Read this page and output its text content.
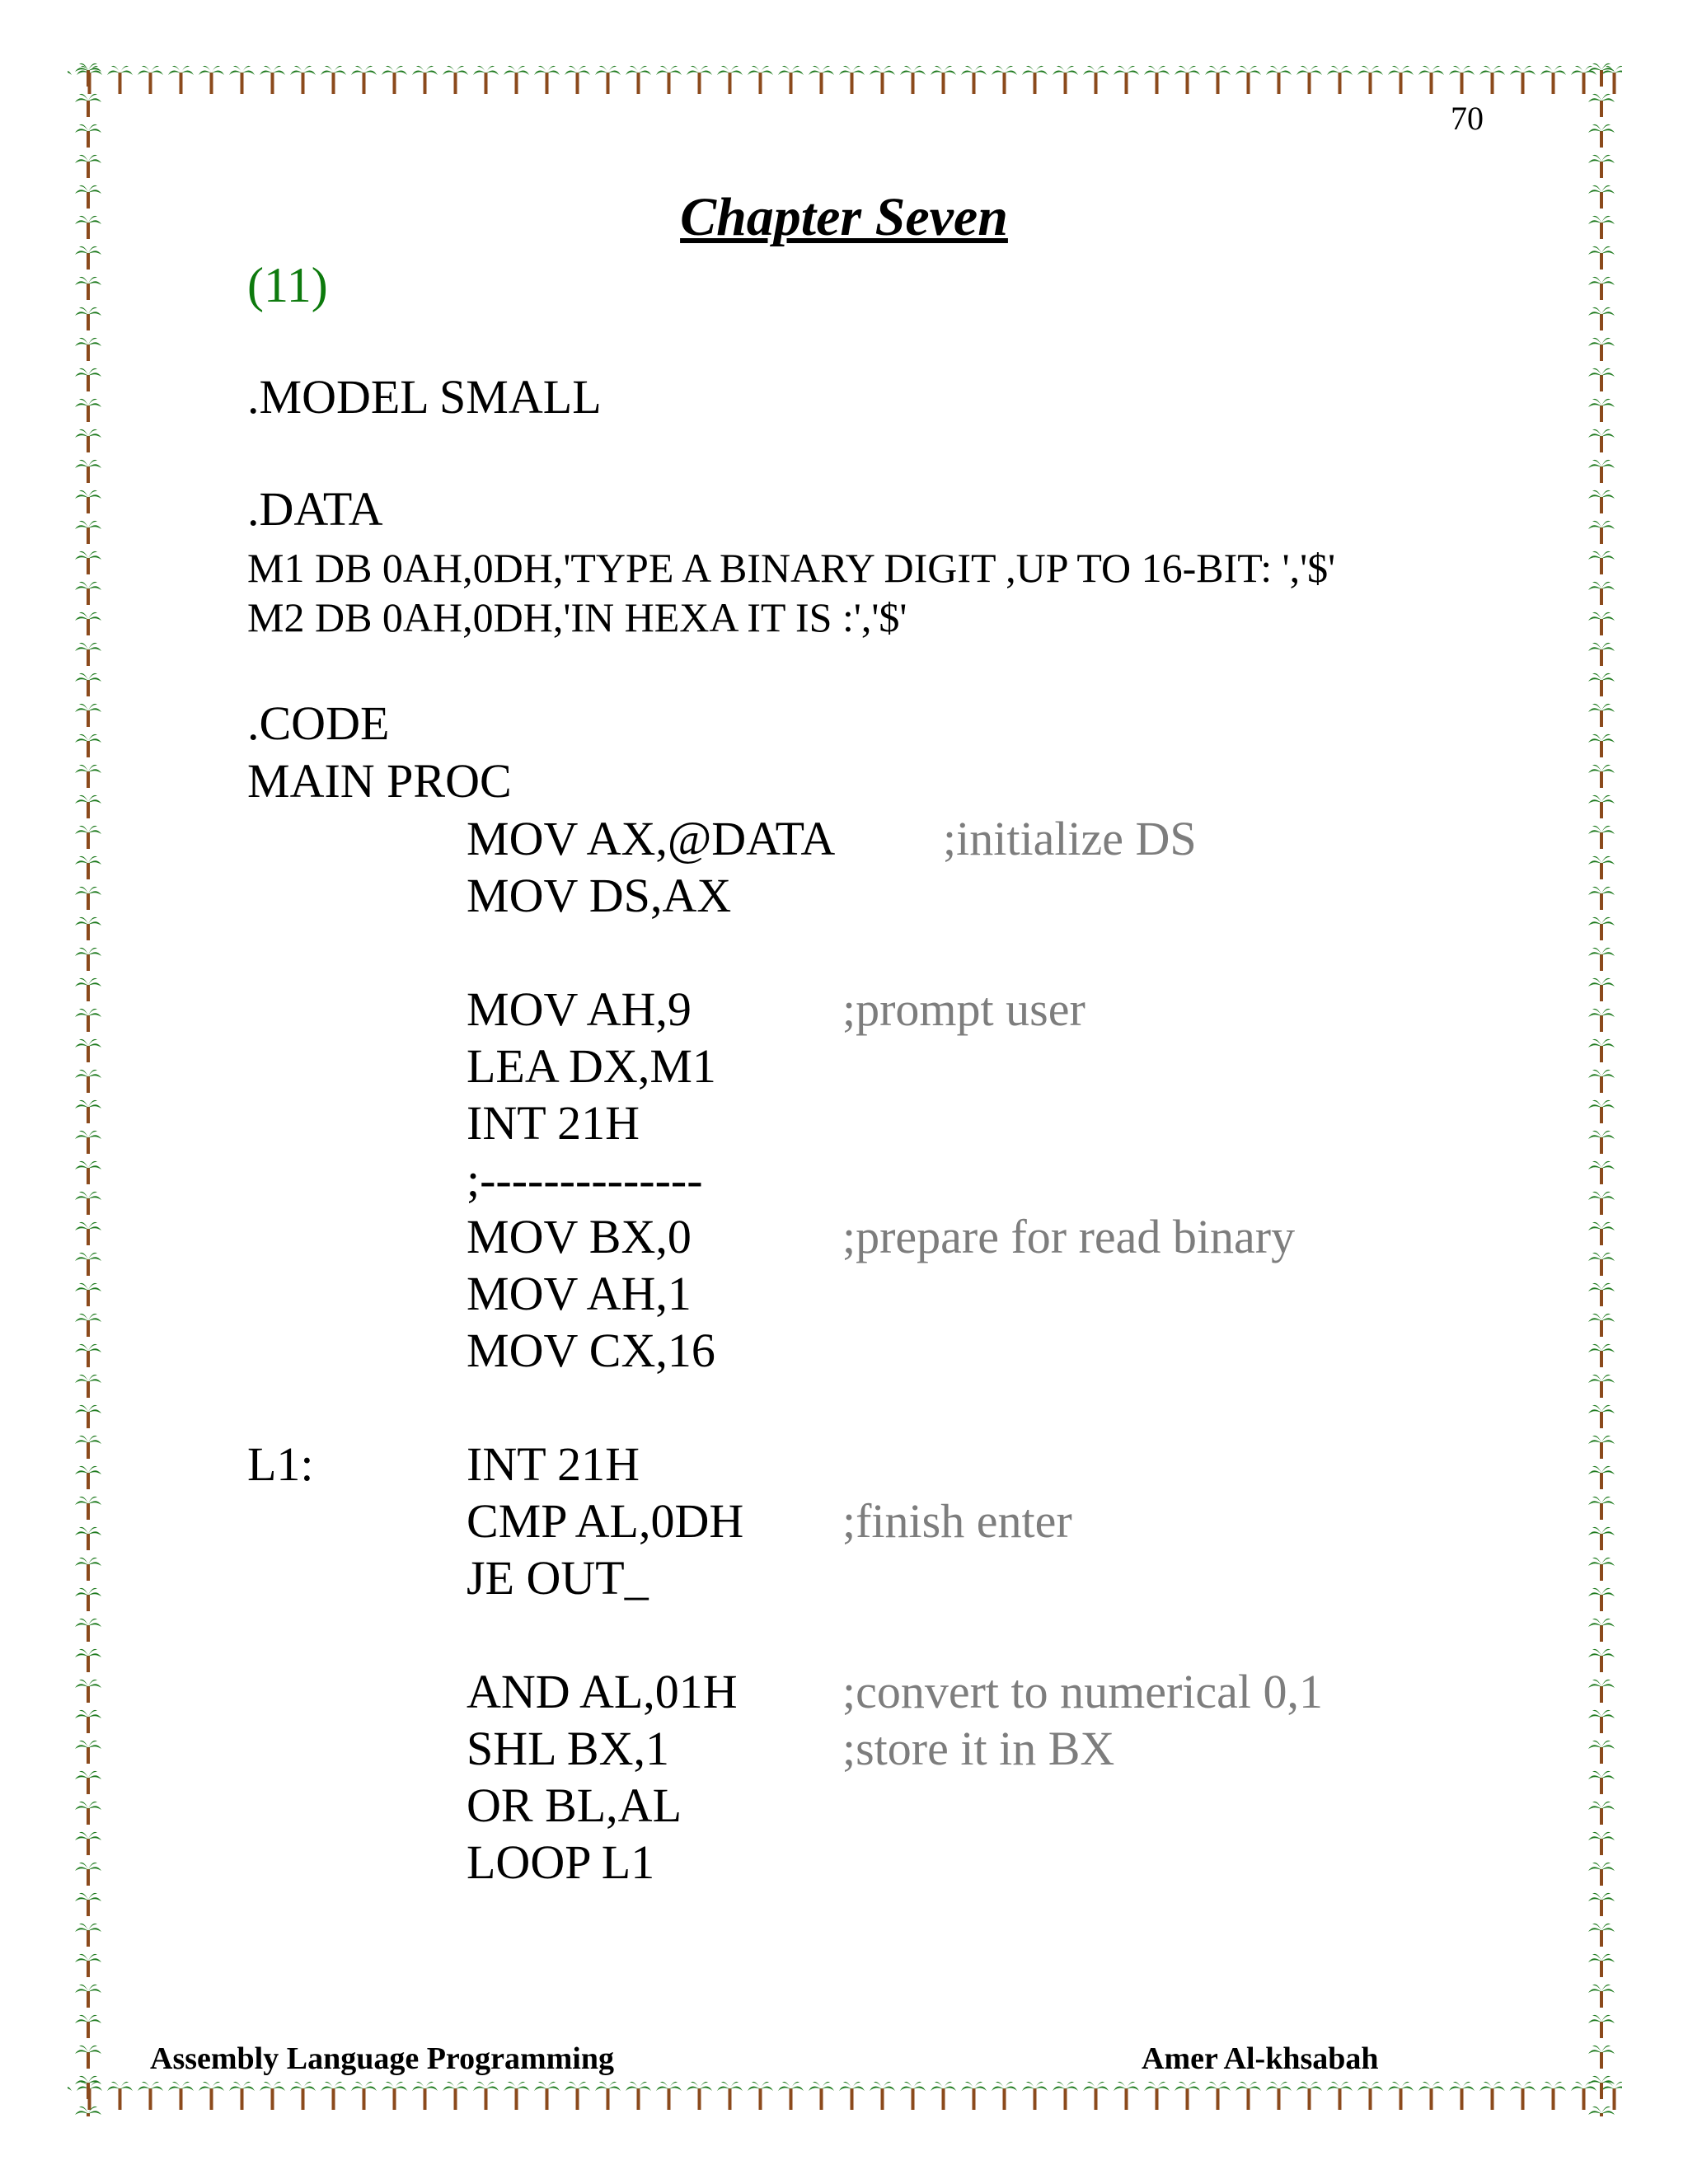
70
Chapter Seven
(11)
.MODEL SMALL
.DATA
M1 DB 0AH,0DH,'TYPE A BINARY DIGIT ,UP TO 16-BIT: ','$'
M2 DB 0AH,0DH,'IN HEXA IT IS :','$'
.CODE
MAIN PROC
MOV AX,@DATA ;initialize DS
MOV DS,AX
MOV AH,9	;prompt user
LEA DX,M1
INT 21H
;--------------
MOV BX,0	;prepare for read binary
MOV AH,1
MOV CX,16
L1:	INT 21H
CMP AL,0DH ;finish enter
JE OUT_
AND AL,01H ;convert to numerical 0,1
SHL BX,1	;store it in BX
OR BL,AL
LOOP L1
Assembly Language Programming	Amer Al-khsabah
